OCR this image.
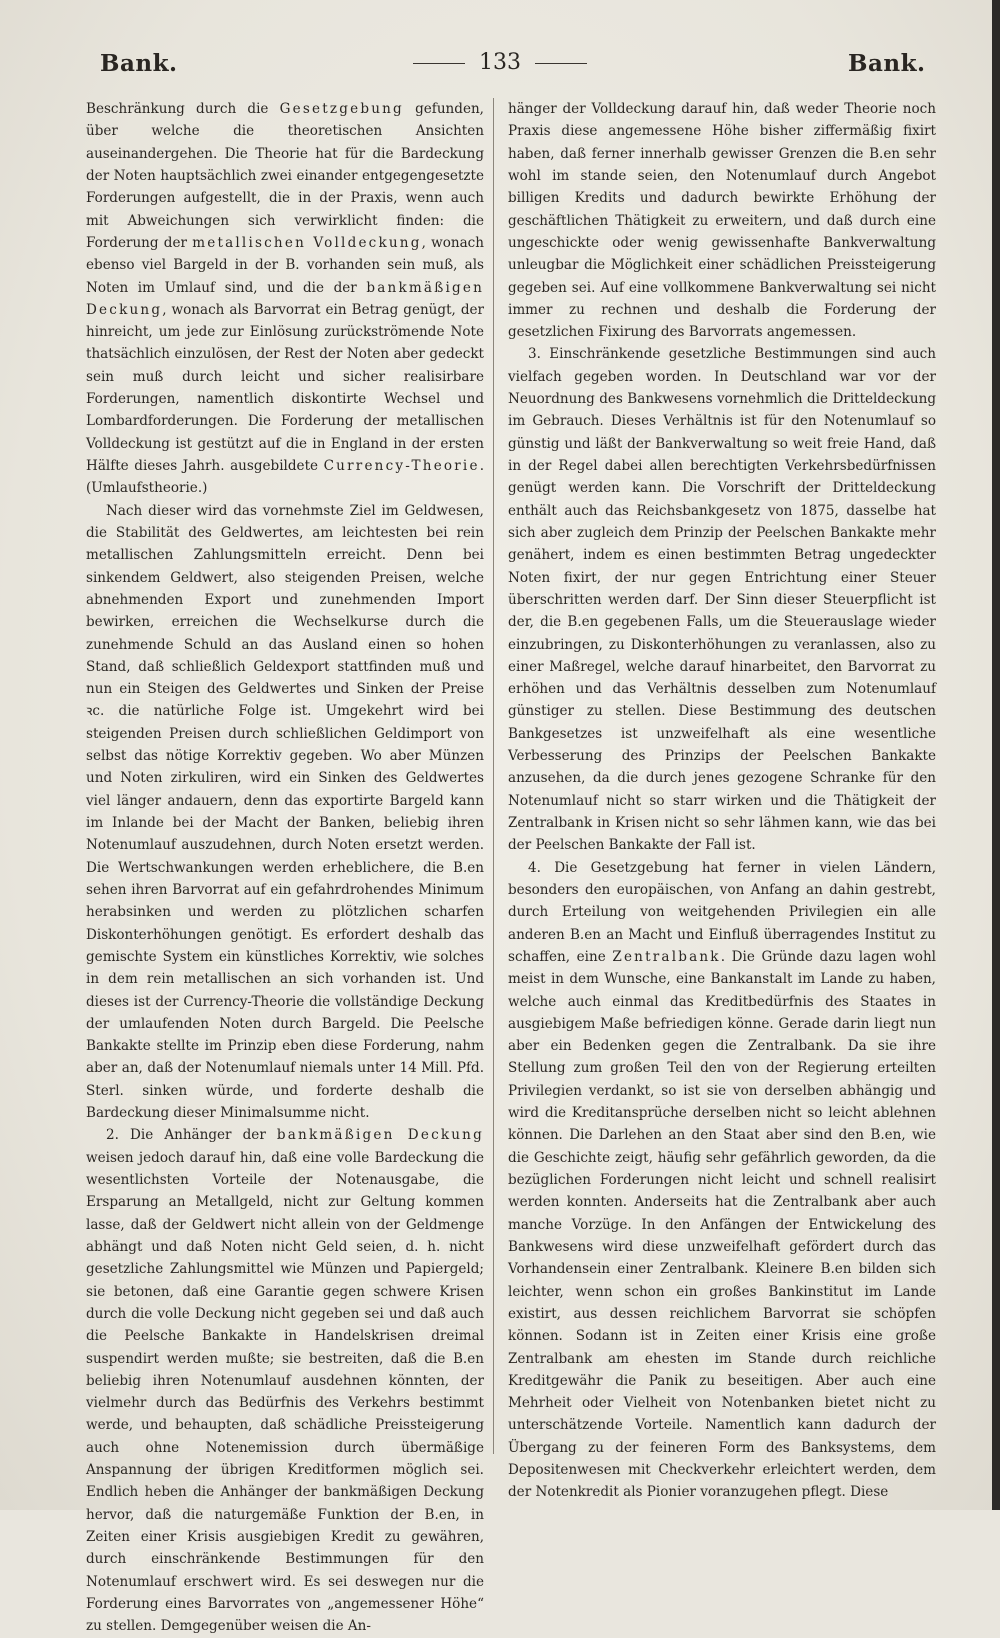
Bank.	133	Bank.

Beschränkung durch die Gesetzgebung gefunden, über welche die theoretischen Ansichten auseinandergehen. Die Theorie hat für die Bardeckung der Noten hauptsächlich zwei einander entgegengesetzte Forderungen aufgestellt, die in der Praxis, wenn auch mit Abweichungen sich verwirklicht finden: die Forderung der metallischen Volldeckung, wonach ebenso viel Bargeld in der B. vorhanden sein muß, als Noten im Umlauf sind, und die der bankmäßigen Deckung, wonach als Barvorrat ein Betrag genügt, der hinreicht, um jede zur Einlösung zurückströmende Note thatsächlich einzulösen, der Rest der Noten aber gedeckt sein muß durch leicht und sicher realisirbare Forderungen, namentlich diskontirte Wechsel und Lombardforderungen. Die Forderung der metallischen Volldeckung ist gestützt auf die in England in der ersten Hälfte dieses Jahrh. ausgebildete Currency-Theorie. (Umlaufstheorie.)

Nach dieser wird das vornehmste Ziel im Geldwesen, die Stabilität des Geldwertes, am leichtesten bei rein metallischen Zahlungsmitteln erreicht. Denn bei sinkendem Geldwert, also steigenden Preisen, welche abnehmenden Export und zunehmenden Import bewirken, erreichen die Wechselkurse durch die zunehmende Schuld an das Ausland einen so hohen Stand, daß schließlich Geldexport stattfinden muß und nun ein Steigen des Geldwertes und Sinken der Preise ꝛc. die natürliche Folge ist. Umgekehrt wird bei steigenden Preisen durch schließlichen Geldimport von selbst das nötige Korrektiv gegeben. Wo aber Münzen und Noten zirkuliren, wird ein Sinken des Geldwertes viel länger andauern, denn das exportirte Bargeld kann im Inlande bei der Macht der Banken, beliebig ihren Notenumlauf auszudehnen, durch Noten ersetzt werden. Die Wertschwankungen werden erheblichere, die B.en sehen ihren Barvorrat auf ein gefahrdrohendes Minimum herabsinken und werden zu plötzlichen scharfen Diskonterhöhungen genötigt. Es erfordert deshalb das gemischte System ein künstliches Korrektiv, wie solches in dem rein metallischen an sich vorhanden ist. Und dieses ist der Currency-Theorie die vollständige Deckung der umlaufenden Noten durch Bargeld. Die Peelsche Bankakte stellte im Prinzip eben diese Forderung, nahm aber an, daß der Notenumlauf niemals unter 14 Mill. Pfd. Sterl. sinken würde, und forderte deshalb die Bardeckung dieser Minimalsumme nicht.

2. Die Anhänger der bankmäßigen Deckung weisen jedoch darauf hin, daß eine volle Bardeckung die wesentlichsten Vorteile der Notenausgabe, die Ersparung an Metallgeld, nicht zur Geltung kommen lasse, daß der Geldwert nicht allein von der Geldmenge abhängt und daß Noten nicht Geld seien, d. h. nicht gesetzliche Zahlungsmittel wie Münzen und Papiergeld; sie betonen, daß eine Garantie gegen schwere Krisen durch die volle Deckung nicht gegeben sei und daß auch die Peelsche Bankakte in Handelskrisen dreimal suspendirt werden mußte; sie bestreiten, daß die B.en beliebig ihren Notenumlauf ausdehnen könnten, der vielmehr durch das Bedürfnis des Verkehrs bestimmt werde, und behaupten, daß schädliche Preissteigerung auch ohne Notenemission durch übermäßige Anspannung der übrigen Kreditformen möglich sei. Endlich heben die Anhänger der bankmäßigen Deckung hervor, daß die naturgemäße Funktion der B.en, in Zeiten einer Krisis ausgiebigen Kredit zu gewähren, durch einschränkende Bestimmungen für den Notenumlauf erschwert wird. Es sei deswegen nur die Forderung eines Barvorrates von „angemessener Höhe“ zu stellen. Demgegenüber weisen die An-

hänger der Volldeckung darauf hin, daß weder Theorie noch Praxis diese angemessene Höhe bisher ziffermäßig fixirt haben, daß ferner innerhalb gewisser Grenzen die B.en sehr wohl im stande seien, den Notenumlauf durch Angebot billigen Kredits und dadurch bewirkte Erhöhung der geschäftlichen Thätigkeit zu erweitern, und daß durch eine ungeschickte oder wenig gewissenhafte Bankverwaltung unleugbar die Möglichkeit einer schädlichen Preissteigerung gegeben sei. Auf eine vollkommene Bankverwaltung sei nicht immer zu rechnen und deshalb die Forderung der gesetzlichen Fixirung des Barvorrats angemessen.

3. Einschränkende gesetzliche Bestimmungen sind auch vielfach gegeben worden. In Deutschland war vor der Neuordnung des Bankwesens vornehmlich die Dritteldeckung im Gebrauch. Dieses Verhältnis ist für den Notenumlauf so günstig und läßt der Bankverwaltung so weit freie Hand, daß in der Regel dabei allen berechtigten Verkehrsbedürfnissen genügt werden kann. Die Vorschrift der Dritteldeckung enthält auch das Reichsbankgesetz von 1875, dasselbe hat sich aber zugleich dem Prinzip der Peelschen Bankakte mehr genähert, indem es einen bestimmten Betrag ungedeckter Noten fixirt, der nur gegen Entrichtung einer Steuer überschritten werden darf. Der Sinn dieser Steuerpflicht ist der, die B.en gegebenen Falls, um die Steuerauslage wieder einzubringen, zu Diskonterhöhungen zu veranlassen, also zu einer Maßregel, welche darauf hinarbeitet, den Barvorrat zu erhöhen und das Verhältnis desselben zum Notenumlauf günstiger zu stellen. Diese Bestimmung des deutschen Bankgesetzes ist unzweifelhaft als eine wesentliche Verbesserung des Prinzips der Peelschen Bankakte anzusehen, da die durch jenes gezogene Schranke für den Notenumlauf nicht so starr wirken und die Thätigkeit der Zentralbank in Krisen nicht so sehr lähmen kann, wie das bei der Peelschen Bankakte der Fall ist.

4. Die Gesetzgebung hat ferner in vielen Ländern, besonders den europäischen, von Anfang an dahin gestrebt, durch Erteilung von weitgehenden Privilegien ein alle anderen B.en an Macht und Einfluß überragendes Institut zu schaffen, eine Zentralbank. Die Gründe dazu lagen wohl meist in dem Wunsche, eine Bankanstalt im Lande zu haben, welche auch einmal das Kreditbedürfnis des Staates in ausgiebigem Maße befriedigen könne. Gerade darin liegt nun aber ein Bedenken gegen die Zentralbank. Da sie ihre Stellung zum großen Teil den von der Regierung erteilten Privilegien verdankt, so ist sie von derselben abhängig und wird die Kreditansprüche derselben nicht so leicht ablehnen können. Die Darlehen an den Staat aber sind den B.en, wie die Geschichte zeigt, häufig sehr gefährlich geworden, da die bezüglichen Forderungen nicht leicht und schnell realisirt werden konnten. Anderseits hat die Zentralbank aber auch manche Vorzüge. In den Anfängen der Entwickelung des Bankwesens wird diese unzweifelhaft gefördert durch das Vorhandensein einer Zentralbank. Kleinere B.en bilden sich leichter, wenn schon ein großes Bankinstitut im Lande existirt, aus dessen reichlichem Barvorrat sie schöpfen können. Sodann ist in Zeiten einer Krisis eine große Zentralbank am ehesten im Stande durch reichliche Kreditgewähr die Panik zu beseitigen. Aber auch eine Mehrheit oder Vielheit von Notenbanken bietet nicht zu unterschätzende Vorteile. Namentlich kann dadurch der Übergang zu der feineren Form des Banksystems, dem Depositenwesen mit Checkverkehr erleichtert werden, dem der Notenkredit als Pionier voranzugehen pflegt. Diese
